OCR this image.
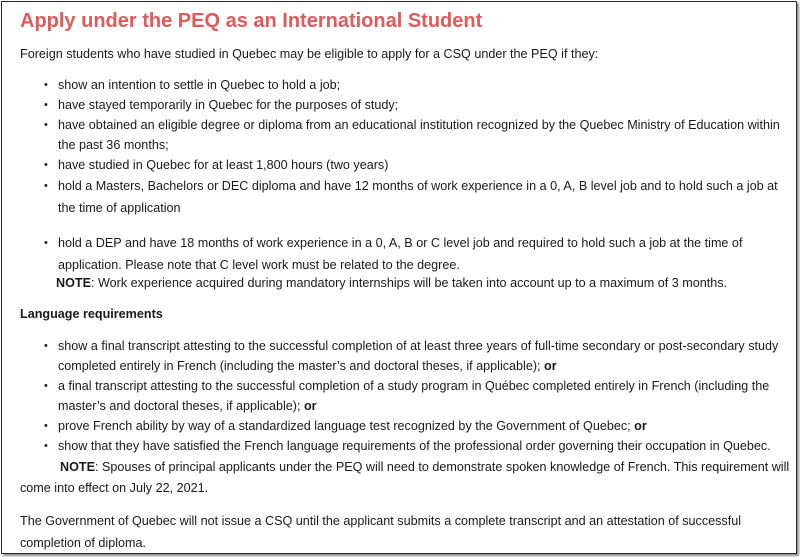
Apply under the PEQ as an International Student
Foreign students who have studied in Quebec may be eligible to apply for a CSQ under the PEQ if they:
• show an intention to settle in Quebec to hold a job;
• have stayed temporarily in Quebec for the purposes of study;
• have obtained an eligible degree or diploma from an educational institution recognized by the Quebec Ministry of Education within the past 36 months;
• have studied in Quebec for at least 1,800 hours (two years)
• hold a Masters, Bachelors or DEC diploma and have 12 months of work experience in a 0, A, B level job and to hold such a job at the time of application
• hold a DEP and have 18 months of work experience in a 0, A, B or C level job and required to hold such a job at the time of application. Please note that C level work must be related to the degree.
NOTE: Work experience acquired during mandatory internships will be taken into account up to a maximum of 3 months.
Language requirements
• show a final transcript attesting to the successful completion of at least three years of full-time secondary or post-secondary study completed entirely in French (including the master’s and doctoral theses, if applicable); or
• a final transcript attesting to the successful completion of a study program in Québec completed entirely in French (including the master’s and doctoral theses, if applicable); or
• prove French ability by way of a standardized language test recognized by the Government of Quebec; or
• show that they have satisfied the French language requirements of the professional order governing their occupation in Quebec.
NOTE: Spouses of principal applicants under the PEQ will need to demonstrate spoken knowledge of French. This requirement will come into effect on July 22, 2021.
The Government of Quebec will not issue a CSQ until the applicant submits a complete transcript and an attestation of successful completion of diploma.
